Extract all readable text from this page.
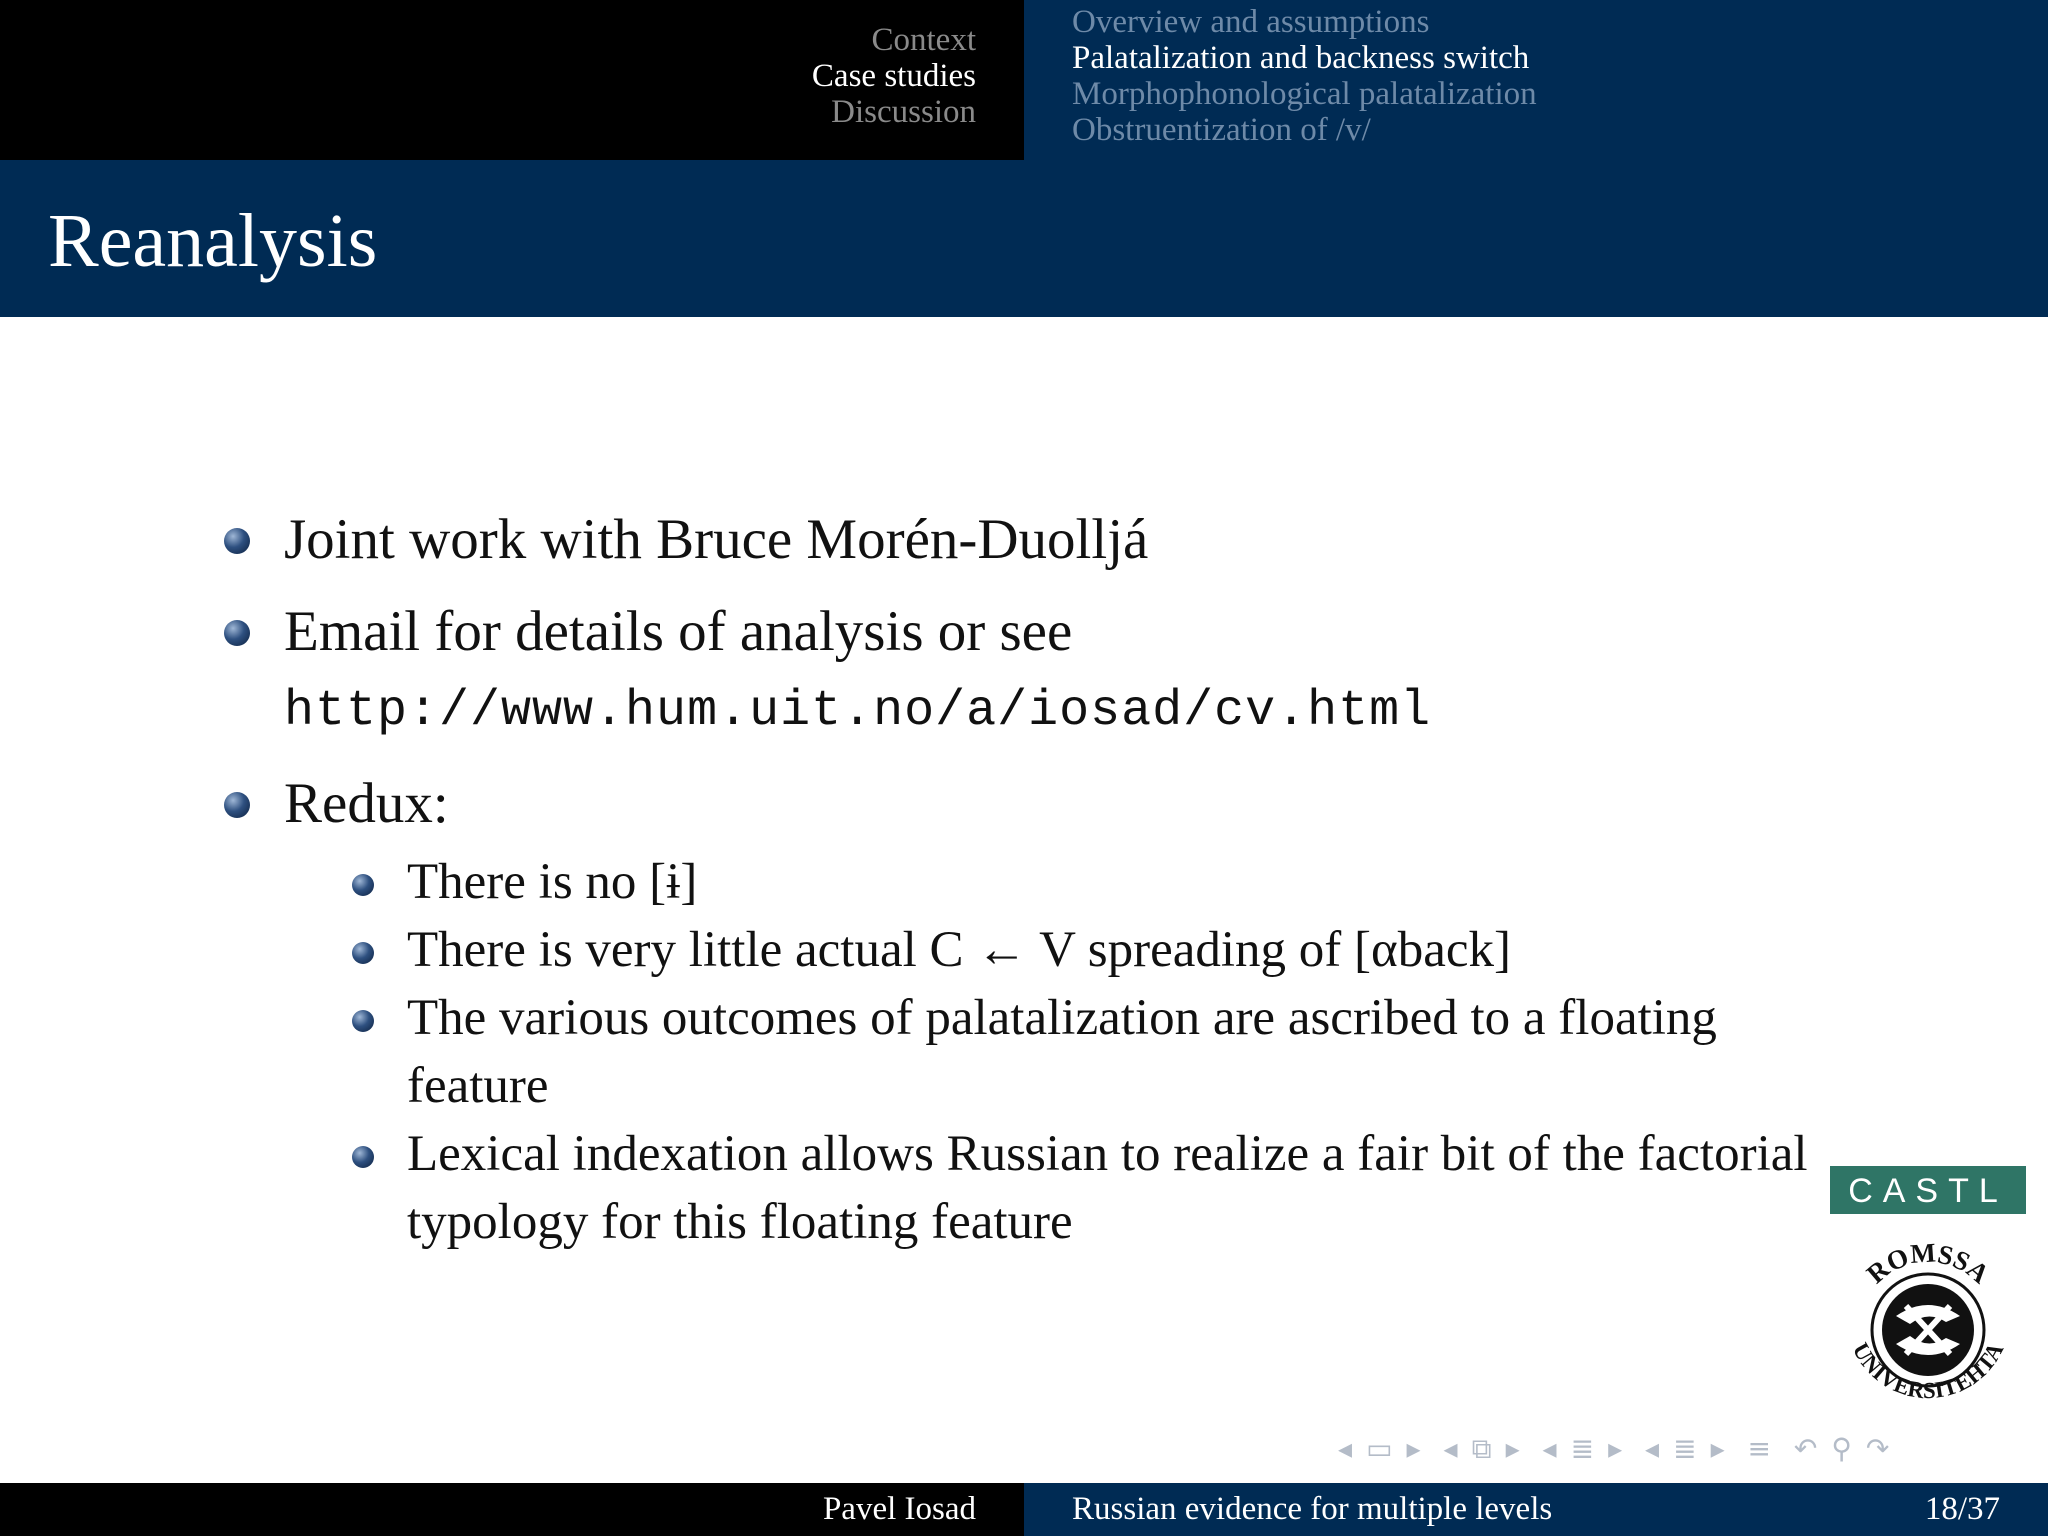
Context
Case studies
Discussion
Overview and assumptions
Palatalization and backness switch
Morphophonological palatalization
Obstruentization of /v/
Reanalysis
Joint work with Bruce Morén-Duolljá
Email for details of analysis or see
http://www.hum.uit.no/a/iosad/cv.html
Redux:
There is no [ɨ]
There is very little actual C ← V spreading of [αback]
The various outcomes of palatalization are ascribed to a floating feature
Lexical indexation allows Russian to realize a fair bit of the factorial typology for this floating feature
CASTL
ROMSSA
UNIVERSITEHTA
◂ ▭ ▸ ◂ ⧉ ▸ ◂ ≣ ▸ ◂ ≣ ▸ ≡ ↶ ⚲ ↷
Pavel Iosad	Russian evidence for multiple levels	18/37
